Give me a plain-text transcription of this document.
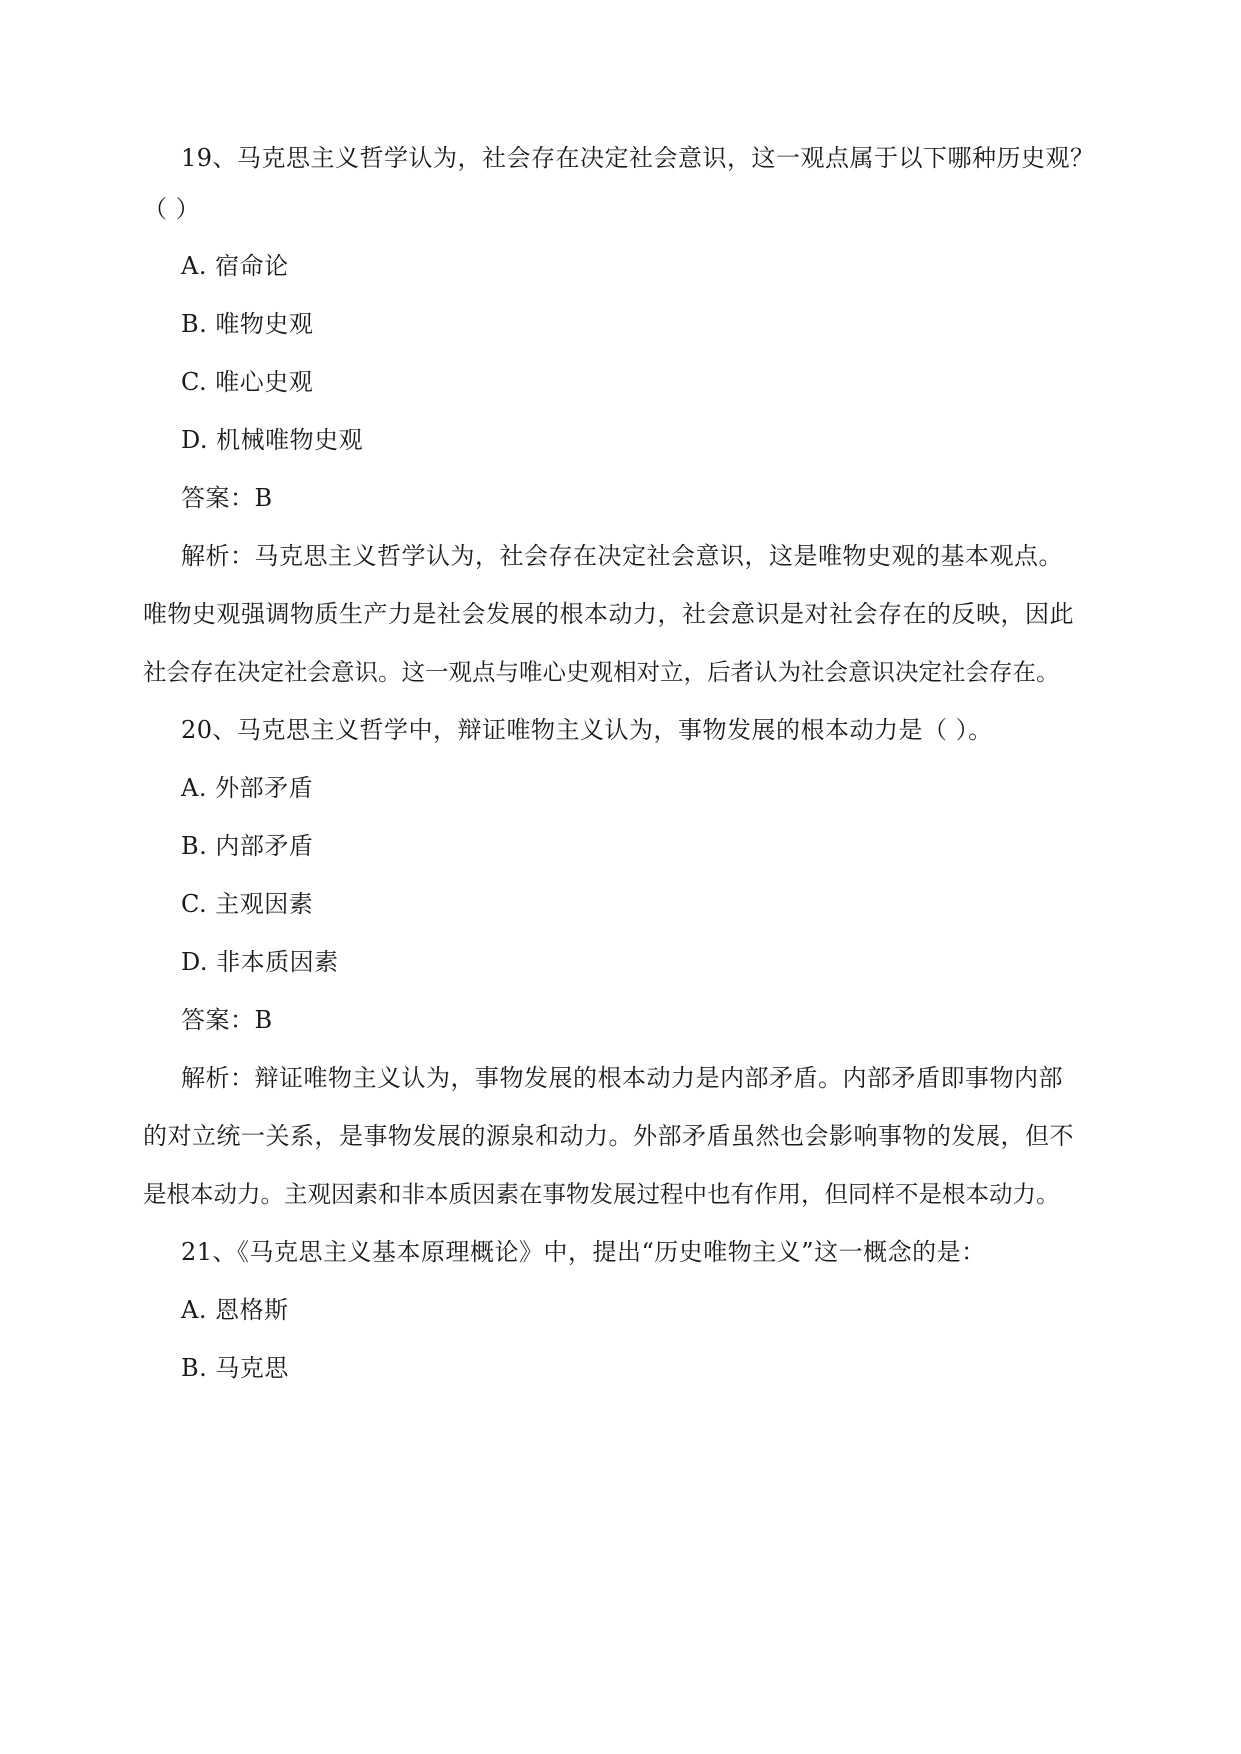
19、马克思主义哲学认为，社会存在决定社会意识，这一观点属于以下哪种历史观？
（ ）
A. 宿命论
B. 唯物史观
C. 唯心史观
D. 机械唯物史观
答案：B
解析：马克思主义哲学认为，社会存在决定社会意识，这是唯物史观的基本观点。
唯物史观强调物质生产力是社会发展的根本动力，社会意识是对社会存在的反映，因此
社会存在决定社会意识。这一观点与唯心史观相对立，后者认为社会意识决定社会存在。
20、马克思主义哲学中，辩证唯物主义认为，事物发展的根本动力是（ ）。
A. 外部矛盾
B. 内部矛盾
C. 主观因素
D. 非本质因素
答案：B
解析：辩证唯物主义认为，事物发展的根本动力是内部矛盾。内部矛盾即事物内部
的对立统一关系，是事物发展的源泉和动力。外部矛盾虽然也会影响事物的发展，但不
是根本动力。主观因素和非本质因素在事物发展过程中也有作用，但同样不是根本动力。
21、《马克思主义基本原理概论》中，提出“历史唯物主义”这一概念的是：
A. 恩格斯
B. 马克思
